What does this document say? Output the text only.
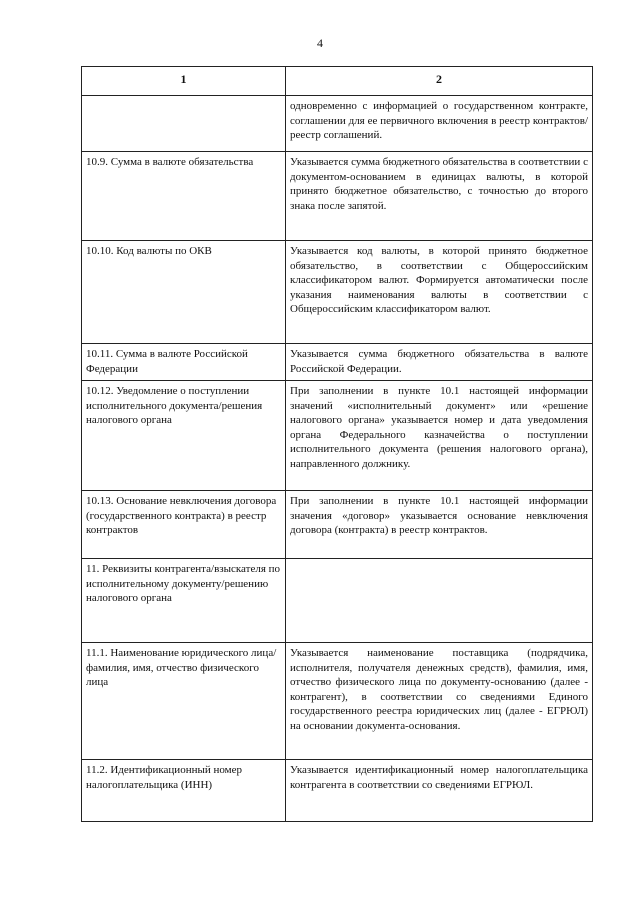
4
1	2
	одновременно с информацией о государственном контракте, соглашении для ее первичного включения в реестр контрактов/реестр соглашений.
10.9. Сумма в валюте обязательства	Указывается сумма бюджетного обязательства в соответствии с документом-основанием в единицах валюты, в которой принято бюджетное обязательство, с точностью до второго знака после запятой.
10.10. Код валюты по ОКВ	Указывается код валюты, в которой принято бюджетное обязательство, в соответствии с Общероссийским классификатором валют. Формируется автоматически после указания наименования валюты в соответствии с Общероссийским классификатором валют.
10.11. Сумма в валюте Российской Федерации	Указывается сумма бюджетного обязательства в валюте Российской Федерации.
10.12. Уведомление о поступлении исполнительного документа/решения налогового органа	При заполнении в пункте 10.1 настоящей информации значений «исполнительный документ» или «решение налогового органа» указывается номер и дата уведомления органа Федерального казначейства о поступлении исполнительного документа (решения налогового органа), направленного должнику.
10.13. Основание невключения договора (государственного контракта) в реестр контрактов	При заполнении в пункте 10.1 настоящей информации значения «договор» указывается основание невключения договора (контракта) в реестр контрактов.
11. Реквизиты контрагента/взыскателя по исполнительному документу/решению налогового органа	
11.1. Наименование юридического лица/фамилия, имя, отчество физического лица	Указывается наименование поставщика (подрядчика, исполнителя, получателя денежных средств), фамилия, имя, отчество физического лица по документу-основанию (далее - контрагент), в соответствии со сведениями Единого государственного реестра юридических лиц (далее - ЕГРЮЛ) на основании документа-основания.
11.2. Идентификационный номер налогоплательщика (ИНН)	Указывается идентификационный номер налогоплательщика контрагента в соответствии со сведениями ЕГРЮЛ.
